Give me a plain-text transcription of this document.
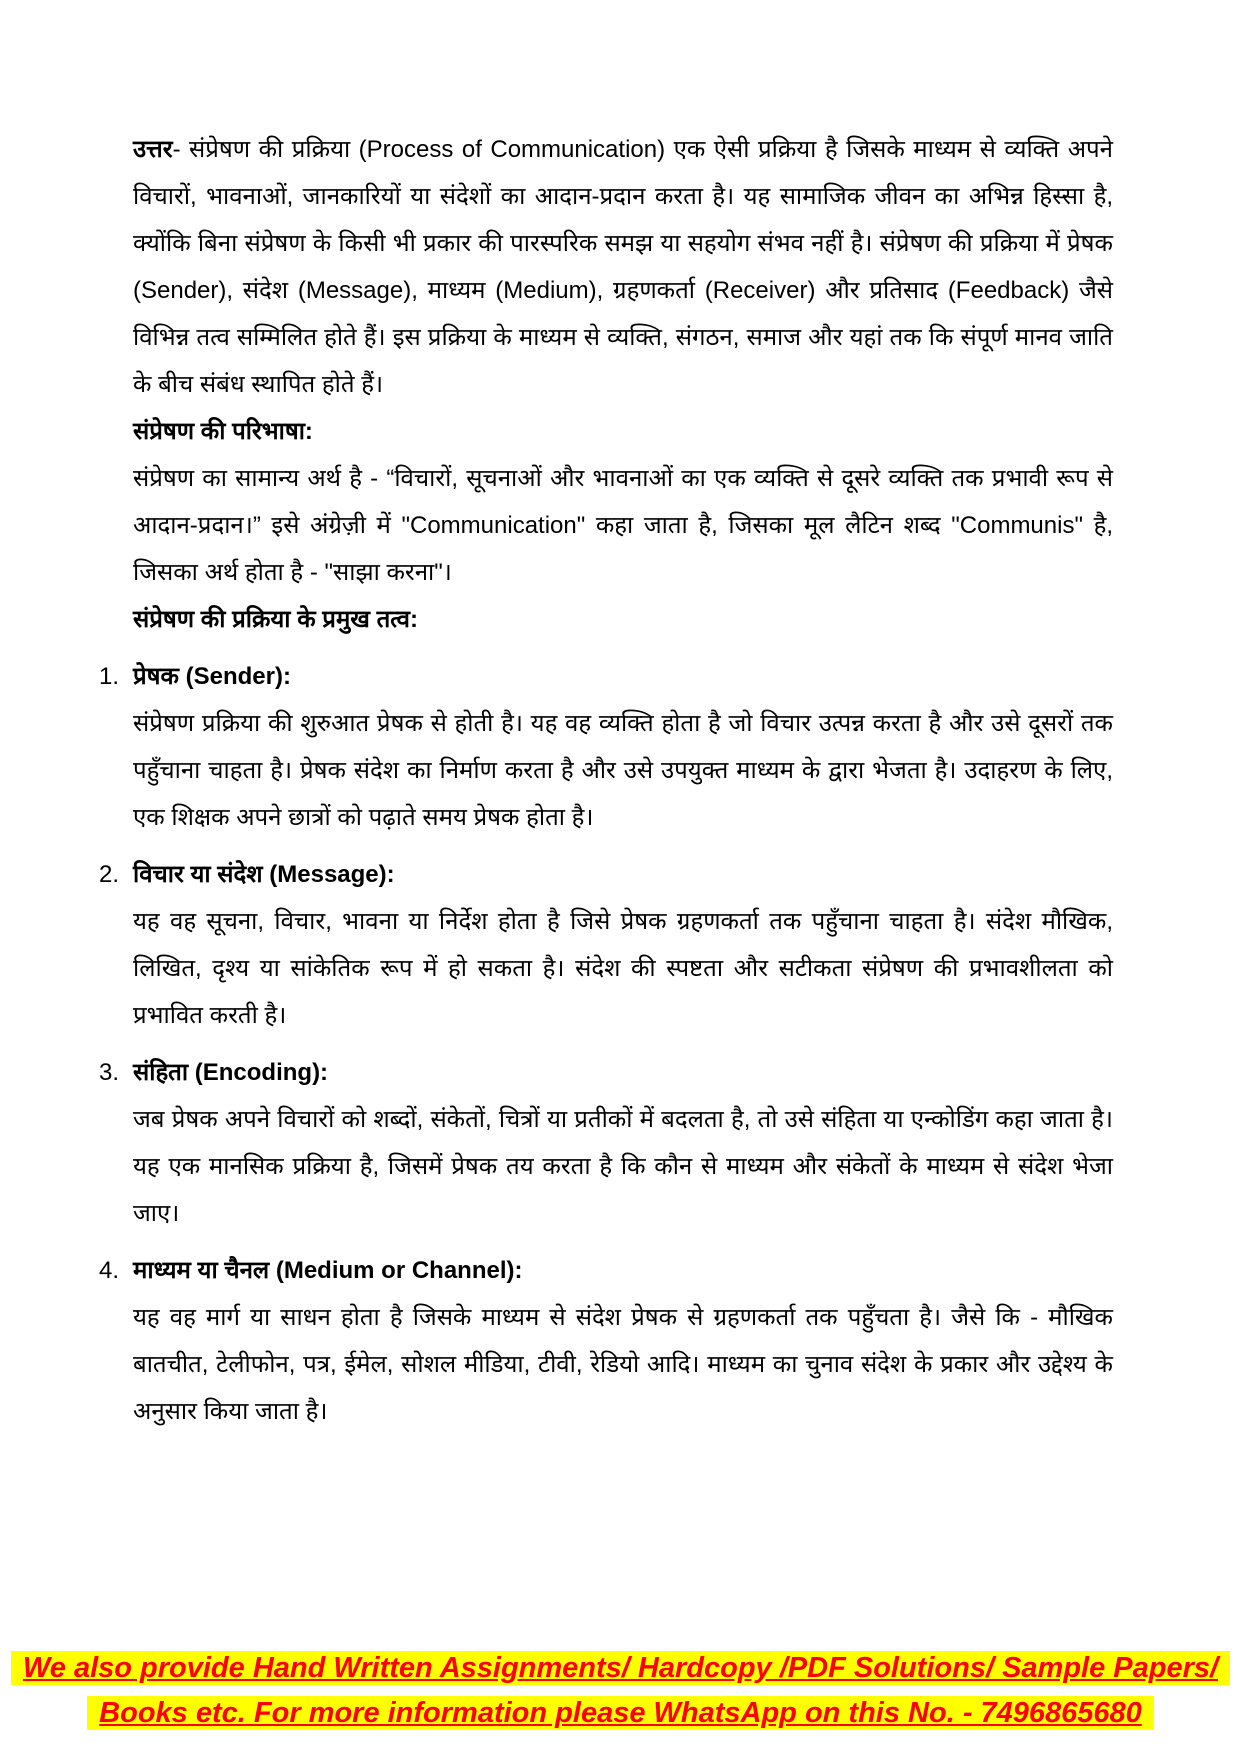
उत्तर- संप्रेषण की प्रक्रिया (Process of Communication) एक ऐसी प्रक्रिया है जिसके माध्यम से व्यक्ति अपने विचारों, भावनाओं, जानकारियों या संदेशों का आदान-प्रदान करता है। यह सामाजिक जीवन का अभिन्न हिस्सा है, क्योंकि बिना संप्रेषण के किसी भी प्रकार की पारस्परिक समझ या सहयोग संभव नहीं है। संप्रेषण की प्रक्रिया में प्रेषक (Sender), संदेश (Message), माध्यम (Medium), ग्रहणकर्ता (Receiver) और प्रतिसाद (Feedback) जैसे विभिन्न तत्व सम्मिलित होते हैं। इस प्रक्रिया के माध्यम से व्यक्ति, संगठन, समाज और यहां तक कि संपूर्ण मानव जाति के बीच संबंध स्थापित होते हैं।

संप्रेषण की परिभाषा:

संप्रेषण का सामान्य अर्थ है - “विचारों, सूचनाओं और भावनाओं का एक व्यक्ति से दूसरे व्यक्ति तक प्रभावी रूप से आदान-प्रदान।” इसे अंग्रेज़ी में "Communication" कहा जाता है, जिसका मूल लैटिन शब्द "Communis" है, जिसका अर्थ होता है - "साझा करना"।

संप्रेषण की प्रक्रिया के प्रमुख तत्व:

1. प्रेषक (Sender):

संप्रेषण प्रक्रिया की शुरुआत प्रेषक से होती है। यह वह व्यक्ति होता है जो विचार उत्पन्न करता है और उसे दूसरों तक पहुँचाना चाहता है। प्रेषक संदेश का निर्माण करता है और उसे उपयुक्त माध्यम के द्वारा भेजता है। उदाहरण के लिए, एक शिक्षक अपने छात्रों को पढ़ाते समय प्रेषक होता है।

2. विचार या संदेश (Message):

यह वह सूचना, विचार, भावना या निर्देश होता है जिसे प्रेषक ग्रहणकर्ता तक पहुँचाना चाहता है। संदेश मौखिक, लिखित, दृश्य या सांकेतिक रूप में हो सकता है। संदेश की स्पष्टता और सटीकता संप्रेषण की प्रभावशीलता को प्रभावित करती है।

3. संहिता (Encoding):

जब प्रेषक अपने विचारों को शब्दों, संकेतों, चित्रों या प्रतीकों में बदलता है, तो उसे संहिता या एन्कोडिंग कहा जाता है। यह एक मानसिक प्रक्रिया है, जिसमें प्रेषक तय करता है कि कौन से माध्यम और संकेतों के माध्यम से संदेश भेजा जाए।

4. माध्यम या चैनल (Medium or Channel):

यह वह मार्ग या साधन होता है जिसके माध्यम से संदेश प्रेषक से ग्रहणकर्ता तक पहुँचता है। जैसे कि - मौखिक बातचीत, टेलीफोन, पत्र, ईमेल, सोशल मीडिया, टीवी, रेडियो आदि। माध्यम का चुनाव संदेश के प्रकार और उद्देश्य के अनुसार किया जाता है।

We also provide Hand Written Assignments/ Hardcopy /PDF Solutions/ Sample Papers/
Books etc. For more information please WhatsApp on this No. - 7496865680
